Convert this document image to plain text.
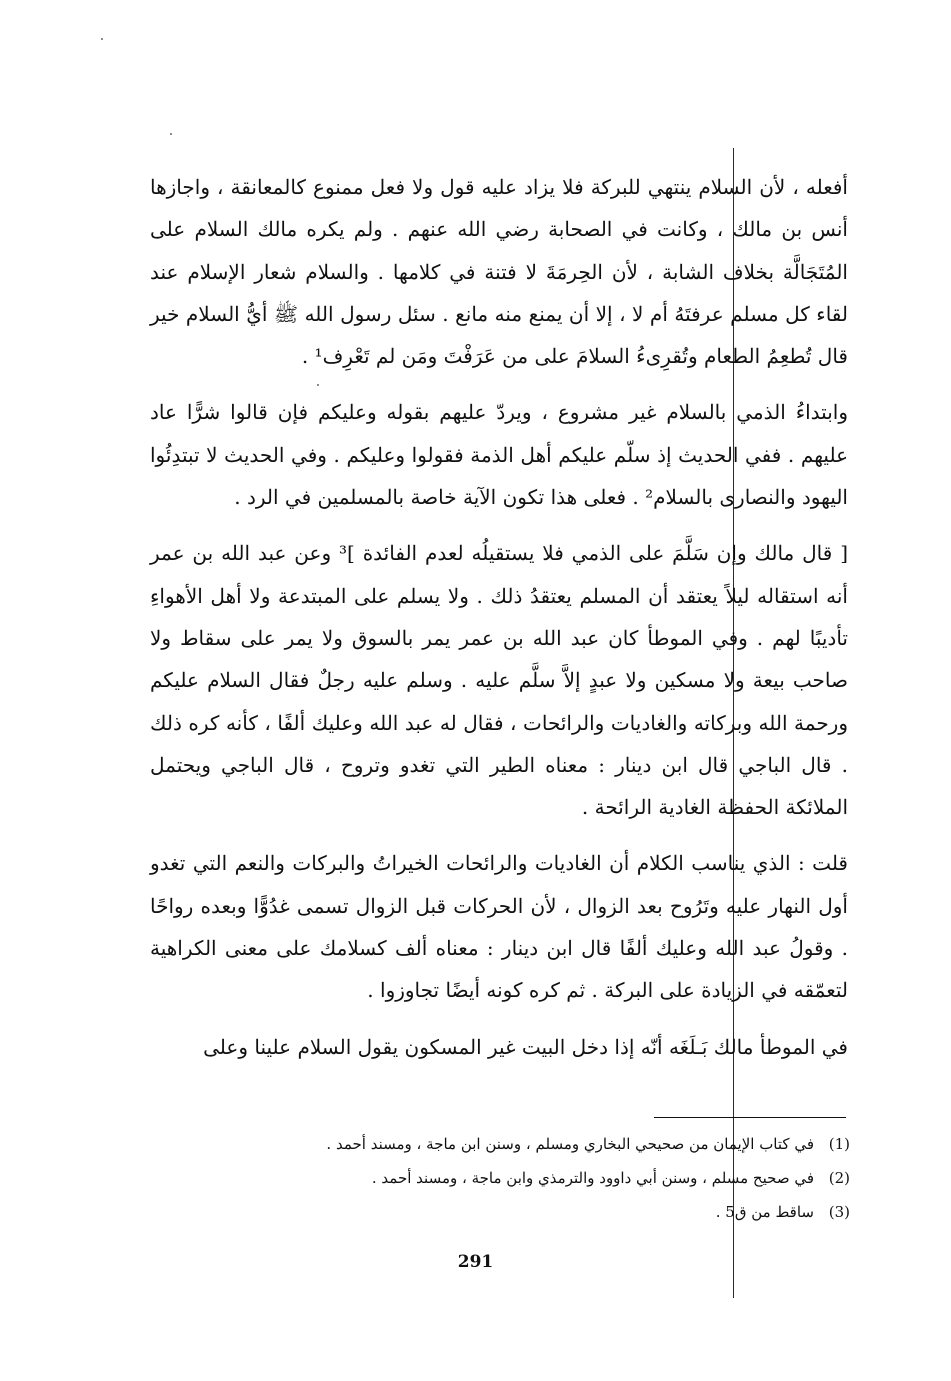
أفعله ، لأن السلام ينتهي للبركة فلا يزاد عليه قول ولا فعل ممنوع كالمعانقة ، واجازها أنس بن مالك ، وكانت في الصحابة رضي الله عنهم . ولم يكره مالك السلام على المُتَجَالَّة بخلاف الشابة ، لأن الحِرمَةَ لا فتنة في كلامها . والسلام شعار الإسلام عند لقاء كل مسلم عرفتَهُ أم لا ، إلا أن يمنع منه مانع . سئل رسول الله ﷺ أيُّ السلام خير قال تُطعِمُ الطعام وتُقرِىءُ السلامَ على من عَرَفْتَ ومَن لم تَعْرِف¹ .

وابتداءُ الذمي بالسلام غير مشروع ، ويردّ عليهم بقوله وعليكم فإن قالوا شرًّا عاد عليهم . ففي الحديث إذ سلّم عليكم أهل الذمة فقولوا وعليكم . وفي الحديث لا تبتدِئُوا اليهود والنصارى بالسلام² . فعلى هذا تكون الآية خاصة بالمسلمين في الرد .

[ قال مالك وإن سَلَّمَ على الذمي فلا يستقيلُه لعدم الفائدة ]³ وعن عبد الله بن عمر أنه استقاله ليلاً يعتقد أن المسلم يعتقدُ ذلك . ولا يسلم على المبتدعة ولا أهل الأهواءِ تأديبًا لهم . وفي الموطأ كان عبد الله بن عمر يمر بالسوق ولا يمر على سقاط ولا صاحب بيعة ولا مسكين ولا عبدٍ إلاَّ سلَّم عليه . وسلم عليه رجلٌ فقال السلام عليكم ورحمة الله وبركاته والغاديات والرائحات ، فقال له عبد الله وعليك ألفًا ، كأنه كره ذلك . قال الباجي قال ابن دينار : معناه الطير التي تغدو وتروح ، قال الباجي ويحتمل الملائكة الحفظة الغادية الرائحة .

قلت : الذي يناسب الكلام أن الغاديات والرائحات الخيراتُ والبركات والنعم التي تغدو أول النهار عليه وتَرُوح بعد الزوال ، لأن الحركات قبل الزوال تسمى غدُوًّا وبعده رواحًا . وقولُ عبد الله وعليك ألفًا قال ابن دينار : معناه ألف كسلامك على معنى الكراهية لتعمّقه في الزيادة على البركة . ثم كره كونه أيضًا تجاوزوا .

في الموطأ مالك بَـلَغَه أنّه إذا دخل البيت غير المسكون يقول السلام علينا وعلى

(1)
في كتاب الإيمان من صحيحي البخاري ومسلم ، وسنن ابن ماجة ، ومسند أحمد .
(2)
في صحيح مسلم ، وسنن أبي داوود والترمذي وابن ماجة ، ومسند أحمد .
(3)
ساقط من ق5 .
291
